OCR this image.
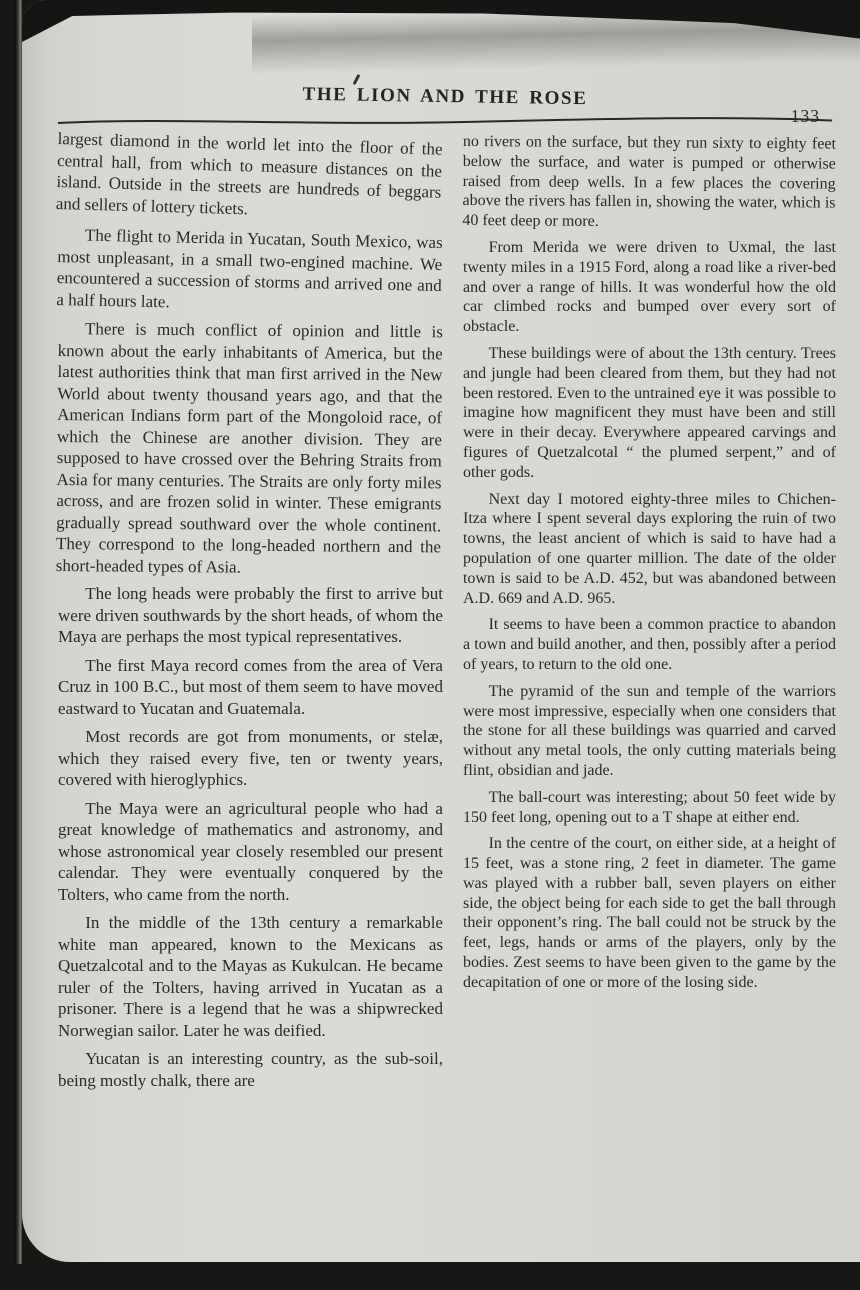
THE LION AND THE ROSE
133

largest diamond in the world let into the floor of the central hall, from which to measure distances on the island. Outside in the streets are hundreds of beggars and sellers of lottery tickets.

The flight to Merida in Yucatan, South Mexico, was most unpleasant, in a small two-engined machine. We encountered a succession of storms and arrived one and a half hours late.

There is much conflict of opinion and little is known about the early inhabitants of America, but the latest authorities think that man first arrived in the New World about twenty thousand years ago, and that the American Indians form part of the Mongoloid race, of which the Chinese are another division. They are supposed to have crossed over the Behring Straits from Asia for many centuries. The Straits are only forty miles across, and are frozen solid in winter. These emigrants gradually spread southward over the whole continent. They correspond to the long-headed northern and the short-headed types of Asia.

The long heads were probably the first to arrive but were driven southwards by the short heads, of whom the Maya are perhaps the most typical representatives.

The first Maya record comes from the area of Vera Cruz in 100 B.C., but most of them seem to have moved eastward to Yucatan and Guatemala.

Most records are got from monuments, or stelæ, which they raised every five, ten or twenty years, covered with hieroglyphics.

The Maya were an agricultural people who had a great knowledge of mathematics and astronomy, and whose astronomical year closely resembled our present calendar. They were eventually conquered by the Tolters, who came from the north.

In the middle of the 13th century a remarkable white man appeared, known to the Mexicans as Quetzalcotal and to the Mayas as Kukulcan. He became ruler of the Tolters, having arrived in Yucatan as a prisoner. There is a legend that he was a shipwrecked Norwegian sailor. Later he was deified.

Yucatan is an interesting country, as the sub-soil, being mostly chalk, there are

no rivers on the surface, but they run sixty to eighty feet below the surface, and water is pumped or otherwise raised from deep wells. In a few places the covering above the rivers has fallen in, showing the water, which is 40 feet deep or more.

From Merida we were driven to Uxmal, the last twenty miles in a 1915 Ford, along a road like a river-bed and over a range of hills. It was wonderful how the old car climbed rocks and bumped over every sort of obstacle.

These buildings were of about the 13th century. Trees and jungle had been cleared from them, but they had not been restored. Even to the untrained eye it was possible to imagine how magnificent they must have been and still were in their decay. Everywhere appeared carvings and figures of Quetzalcotal “ the plumed serpent,” and of other gods.

Next day I motored eighty-three miles to Chichen-Itza where I spent several days exploring the ruin of two towns, the least ancient of which is said to have had a population of one quarter million. The date of the older town is said to be A.D. 452, but was abandoned between A.D. 669 and A.D. 965.

It seems to have been a common practice to abandon a town and build another, and then, possibly after a period of years, to return to the old one.

The pyramid of the sun and temple of the warriors were most impressive, especially when one considers that the stone for all these buildings was quarried and carved without any metal tools, the only cutting materials being flint, obsidian and jade.

The ball-court was interesting; about 50 feet wide by 150 feet long, opening out to a T shape at either end.

In the centre of the court, on either side, at a height of 15 feet, was a stone ring, 2 feet in diameter. The game was played with a rubber ball, seven players on either side, the object being for each side to get the ball through their opponent’s ring. The ball could not be struck by the feet, legs, hands or arms of the players, only by the bodies. Zest seems to have been given to the game by the decapitation of one or more of the losing side.
